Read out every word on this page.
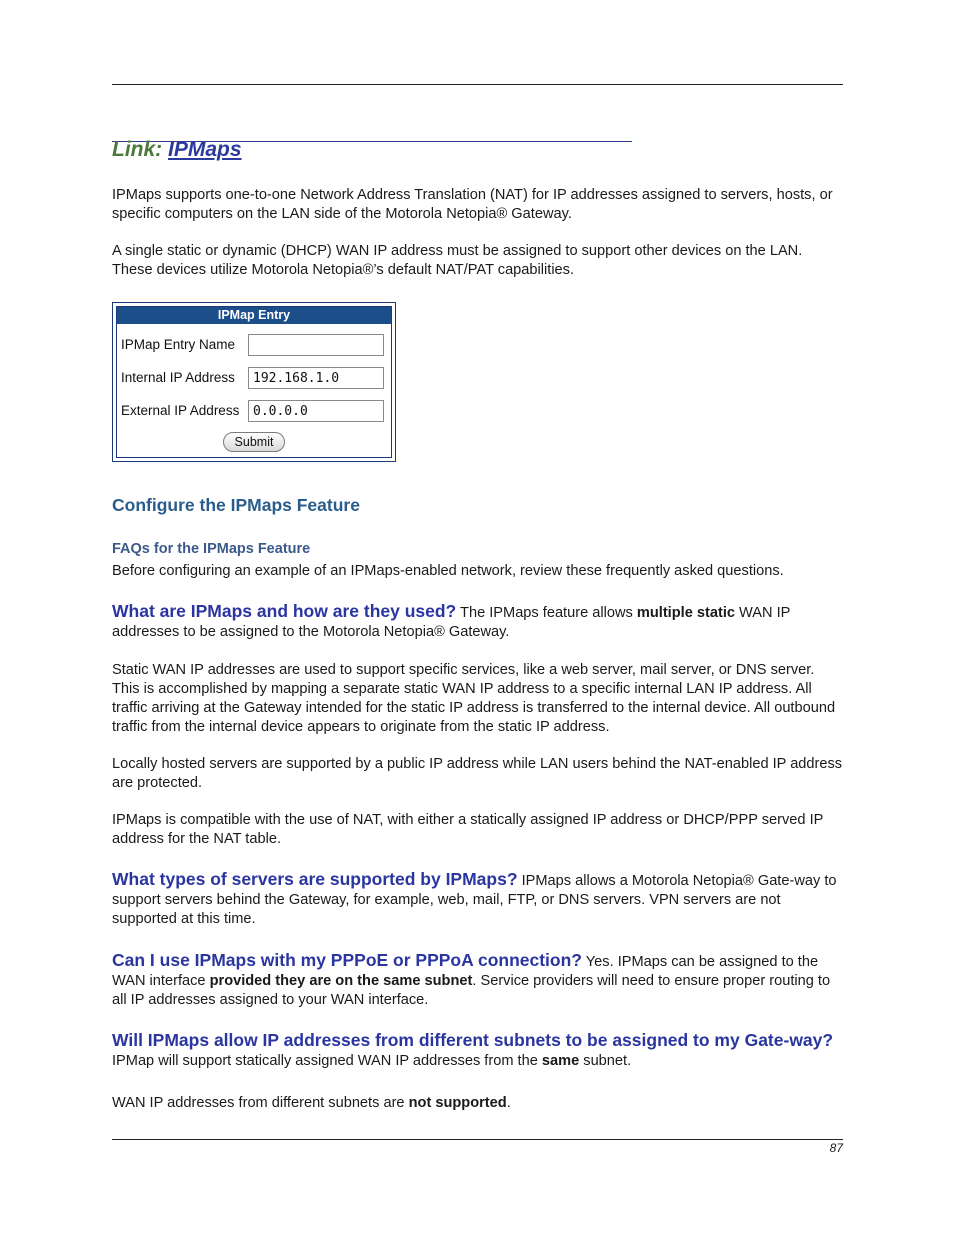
Link: IPMaps

IPMaps supports one-to-one Network Address Translation (NAT) for IP addresses assigned to servers, hosts, or specific computers on the LAN side of the Motorola Netopia® Gateway.

A single static or dynamic (DHCP) WAN IP address must be assigned to support other devices on the LAN. These devices utilize Motorola Netopia®’s default NAT/PAT capabilities.

IPMap Entry
IPMap Entry Name
Internal IP Address	192.168.1.0
External IP Address	0.0.0.0
Submit
Configure the IPMaps Feature
FAQs for the IPMaps Feature

Before configuring an example of an IPMaps-enabled network, review these frequently asked questions.

What are IPMaps and how are they used? The IPMaps feature allows multiple static WAN IP addresses to be assigned to the Motorola Netopia® Gateway.

Static WAN IP addresses are used to support specific services, like a web server, mail server, or DNS server. This is accomplished by mapping a separate static WAN IP address to a specific internal LAN IP address. All traffic arriving at the Gateway intended for the static IP address is transferred to the internal device. All outbound traffic from the internal device appears to originate from the static IP address.

Locally hosted servers are supported by a public IP address while LAN users behind the NAT-enabled IP address are protected.

IPMaps is compatible with the use of NAT, with either a statically assigned IP address or DHCP/PPP served IP address for the NAT table.

What types of servers are supported by IPMaps? IPMaps allows a Motorola Netopia® Gate-way to support servers behind the Gateway, for example, web, mail, FTP, or DNS servers. VPN servers are not supported at this time.

Can I use IPMaps with my PPPoE or PPPoA connection? Yes. IPMaps can be assigned to the WAN interface provided they are on the same subnet. Service providers will need to ensure proper routing to all IP addresses assigned to your WAN interface.

Will IPMaps allow IP addresses from different subnets to be assigned to my Gate-way? IPMap will support statically assigned WAN IP addresses from the same subnet.

WAN IP addresses from different subnets are not supported.

87
